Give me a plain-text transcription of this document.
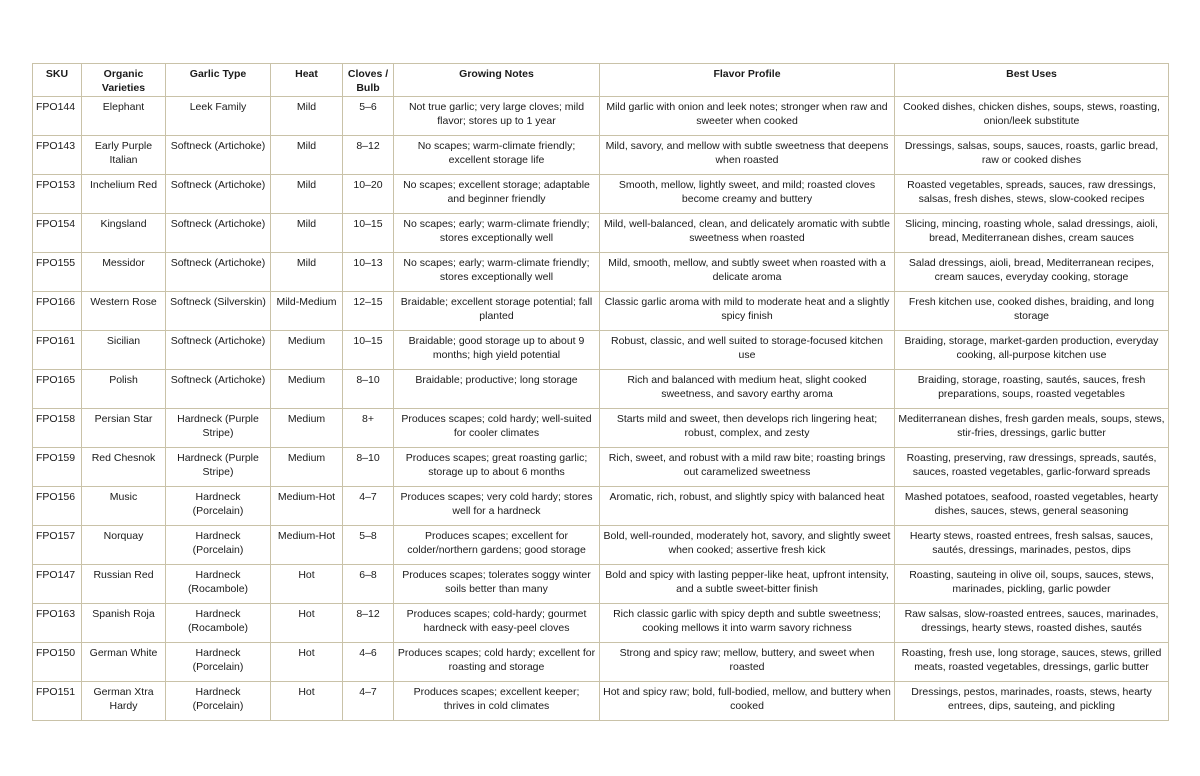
SKU	Organic Varieties	Garlic Type	Heat	Cloves / Bulb	Growing Notes	Flavor Profile	Best Uses
FPO144	Elephant	Leek Family	Mild	5–6	Not true garlic; very large cloves; mild flavor; stores up to 1 year	Mild garlic with onion and leek notes; stronger when raw and sweeter when cooked	Cooked dishes, chicken dishes, soups, stews, roasting, onion/leek substitute
FPO143	Early Purple Italian	Softneck (Artichoke)	Mild	8–12	No scapes; warm-climate friendly; excellent storage life	Mild, savory, and mellow with subtle sweetness that deepens when roasted	Dressings, salsas, soups, sauces, roasts, garlic bread, raw or cooked dishes
FPO153	Inchelium Red	Softneck (Artichoke)	Mild	10–20	No scapes; excellent storage; adaptable and beginner friendly	Smooth, mellow, lightly sweet, and mild; roasted cloves become creamy and buttery	Roasted vegetables, spreads, sauces, raw dressings, salsas, fresh dishes, stews, slow-cooked recipes
FPO154	Kingsland	Softneck (Artichoke)	Mild	10–15	No scapes; early; warm-climate friendly; stores exceptionally well	Mild, well-balanced, clean, and delicately aromatic with subtle sweetness when roasted	Slicing, mincing, roasting whole, salad dressings, aioli, bread, Mediterranean dishes, cream sauces
FPO155	Messidor	Softneck (Artichoke)	Mild	10–13	No scapes; early; warm-climate friendly; stores exceptionally well	Mild, smooth, mellow, and subtly sweet when roasted with a delicate aroma	Salad dressings, aioli, bread, Mediterranean recipes, cream sauces, everyday cooking, storage
FPO166	Western Rose	Softneck (Silverskin)	Mild-Medium	12–15	Braidable; excellent storage potential; fall planted	Classic garlic aroma with mild to moderate heat and a slightly spicy finish	Fresh kitchen use, cooked dishes, braiding, and long storage
FPO161	Sicilian	Softneck (Artichoke)	Medium	10–15	Braidable; good storage up to about 9 months; high yield potential	Robust, classic, and well suited to storage-focused kitchen use	Braiding, storage, market-garden production, everyday cooking, all-purpose kitchen use
FPO165	Polish	Softneck (Artichoke)	Medium	8–10	Braidable; productive; long storage	Rich and balanced with medium heat, slight cooked sweetness, and savory earthy aroma	Braiding, storage, roasting, sautés, sauces, fresh preparations, soups, roasted vegetables
FPO158	Persian Star	Hardneck (Purple Stripe)	Medium	8+	Produces scapes; cold hardy; well-suited for cooler climates	Starts mild and sweet, then develops rich lingering heat; robust, complex, and zesty	Mediterranean dishes, fresh garden meals, soups, stews, stir-fries, dressings, garlic butter
FPO159	Red Chesnok	Hardneck (Purple Stripe)	Medium	8–10	Produces scapes; great roasting garlic; storage up to about 6 months	Rich, sweet, and robust with a mild raw bite; roasting brings out caramelized sweetness	Roasting, preserving, raw dressings, spreads, sautés, sauces, roasted vegetables, garlic-forward spreads
FPO156	Music	Hardneck (Porcelain)	Medium-Hot	4–7	Produces scapes; very cold hardy; stores well for a hardneck	Aromatic, rich, robust, and slightly spicy with balanced heat	Mashed potatoes, seafood, roasted vegetables, hearty dishes, sauces, stews, general seasoning
FPO157	Norquay	Hardneck (Porcelain)	Medium-Hot	5–8	Produces scapes; excellent for colder/northern gardens; good storage	Bold, well-rounded, moderately hot, savory, and slightly sweet when cooked; assertive fresh kick	Hearty stews, roasted entrees, fresh salsas, sauces, sautés, dressings, marinades, pestos, dips
FPO147	Russian Red	Hardneck (Rocambole)	Hot	6–8	Produces scapes; tolerates soggy winter soils better than many	Bold and spicy with lasting pepper-like heat, upfront intensity, and a subtle sweet-bitter finish	Roasting, sauteing in olive oil, soups, sauces, stews, marinades, pickling, garlic powder
FPO163	Spanish Roja	Hardneck (Rocambole)	Hot	8–12	Produces scapes; cold-hardy; gourmet hardneck with easy-peel cloves	Rich classic garlic with spicy depth and subtle sweetness; cooking mellows it into warm savory richness	Raw salsas, slow-roasted entrees, sauces, marinades, dressings, hearty stews, roasted dishes, sautés
FPO150	German White	Hardneck (Porcelain)	Hot	4–6	Produces scapes; cold hardy; excellent for roasting and storage	Strong and spicy raw; mellow, buttery, and sweet when roasted	Roasting, fresh use, long storage, sauces, stews, grilled meats, roasted vegetables, dressings, garlic butter
FPO151	German Xtra Hardy	Hardneck (Porcelain)	Hot	4–7	Produces scapes; excellent keeper; thrives in cold climates	Hot and spicy raw; bold, full-bodied, mellow, and buttery when cooked	Dressings, pestos, marinades, roasts, stews, hearty entrees, dips, sauteing, and pickling
